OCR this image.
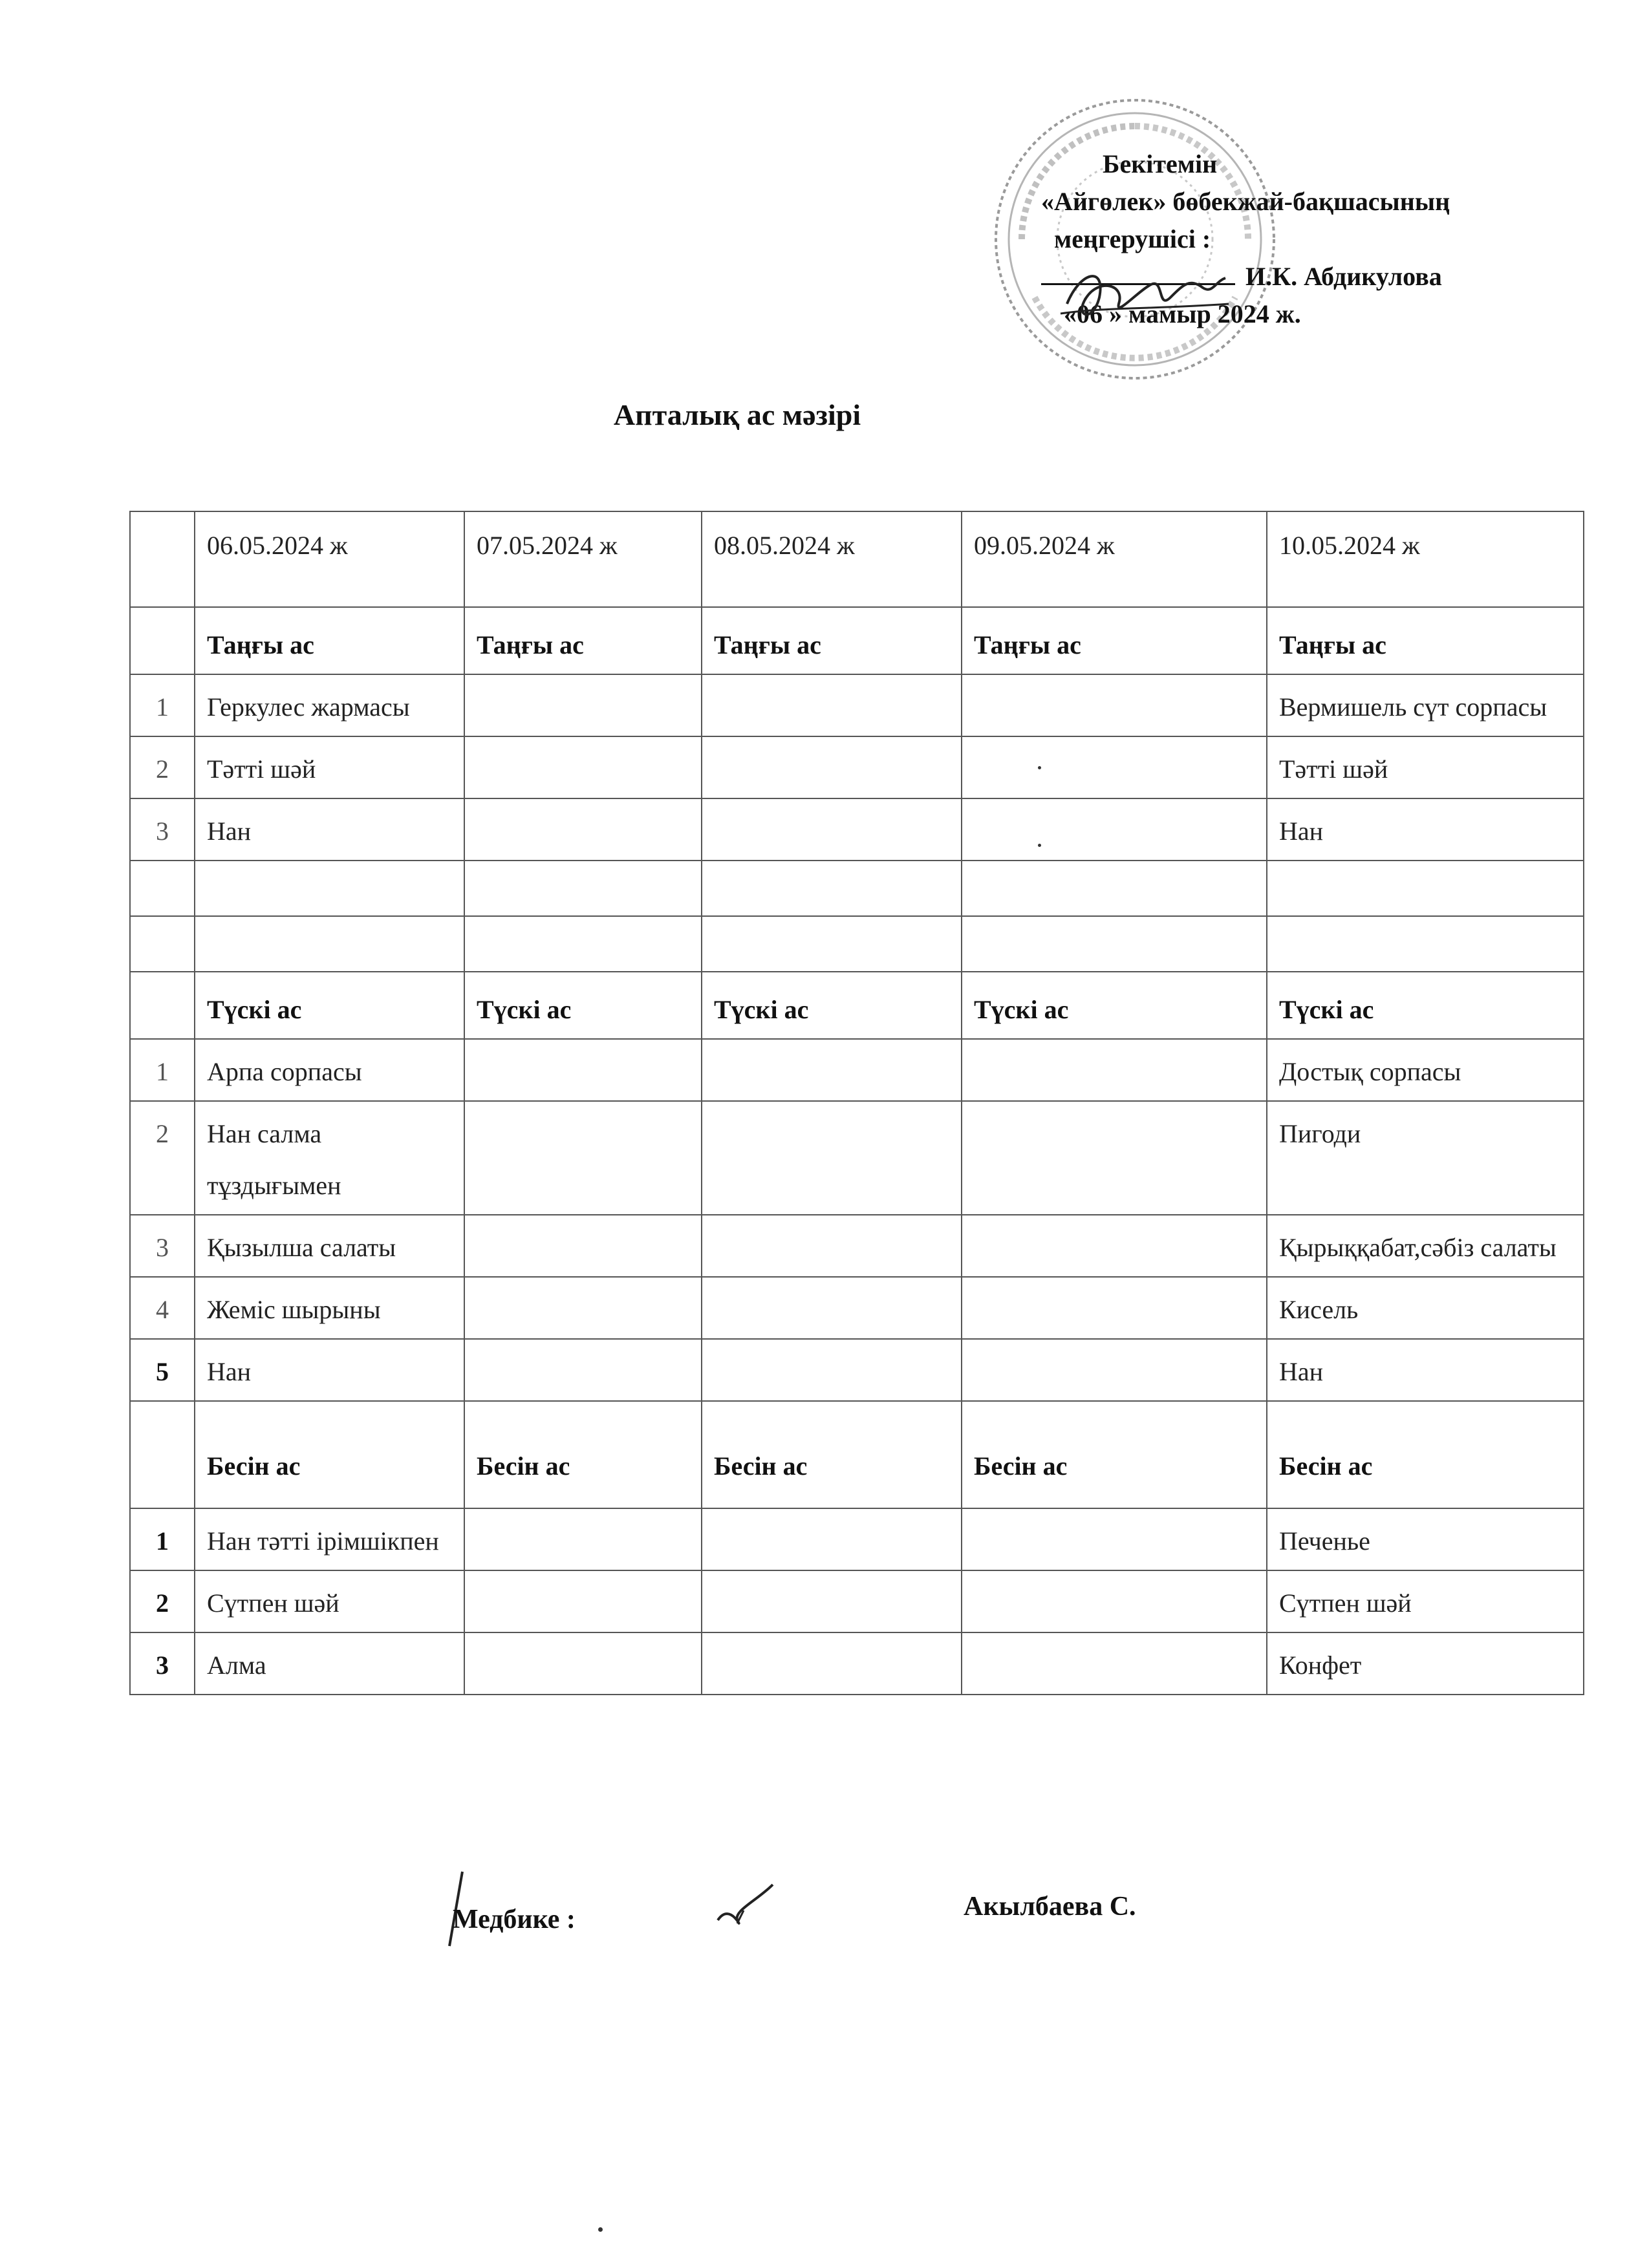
Бекітемін
«Айгөлек» бөбекжай-бақшасының
меңгерушісі :
И.К. Абдикулова
«06 » мамыр 2024 ж.
Апталық ас мәзірі
	06.05.2024 ж	07.05.2024 ж	08.05.2024 ж	09.05.2024 ж	10.05.2024 ж
	Таңғы ас	Таңғы ас	Таңғы ас	Таңғы ас	Таңғы ас
1	Геркулес жармасы				Вермишель сүт сорпасы
2	Тәтті шәй				Тәтті шәй
3	Нан				Нан

	Түскі ас	Түскі ас	Түскі ас	Түскі ас	Түскі ас
1	Арпа сорпасы				Достық сорпасы
2	Нан салма тұздығымен				Пигоди
3	Қызылша салаты				Қырыққабат,сәбіз салаты
4	Жеміс шырыны				Кисель
5	Нан				Нан
	Бесін ас	Бесін ас	Бесін ас	Бесін ас	Бесін ас
1	Нан тәтті ірімшікпен				Печенье
2	Сүтпен шәй				Сүтпен шәй
3	Алма				Конфет
Медбике :	Акылбаева С.
